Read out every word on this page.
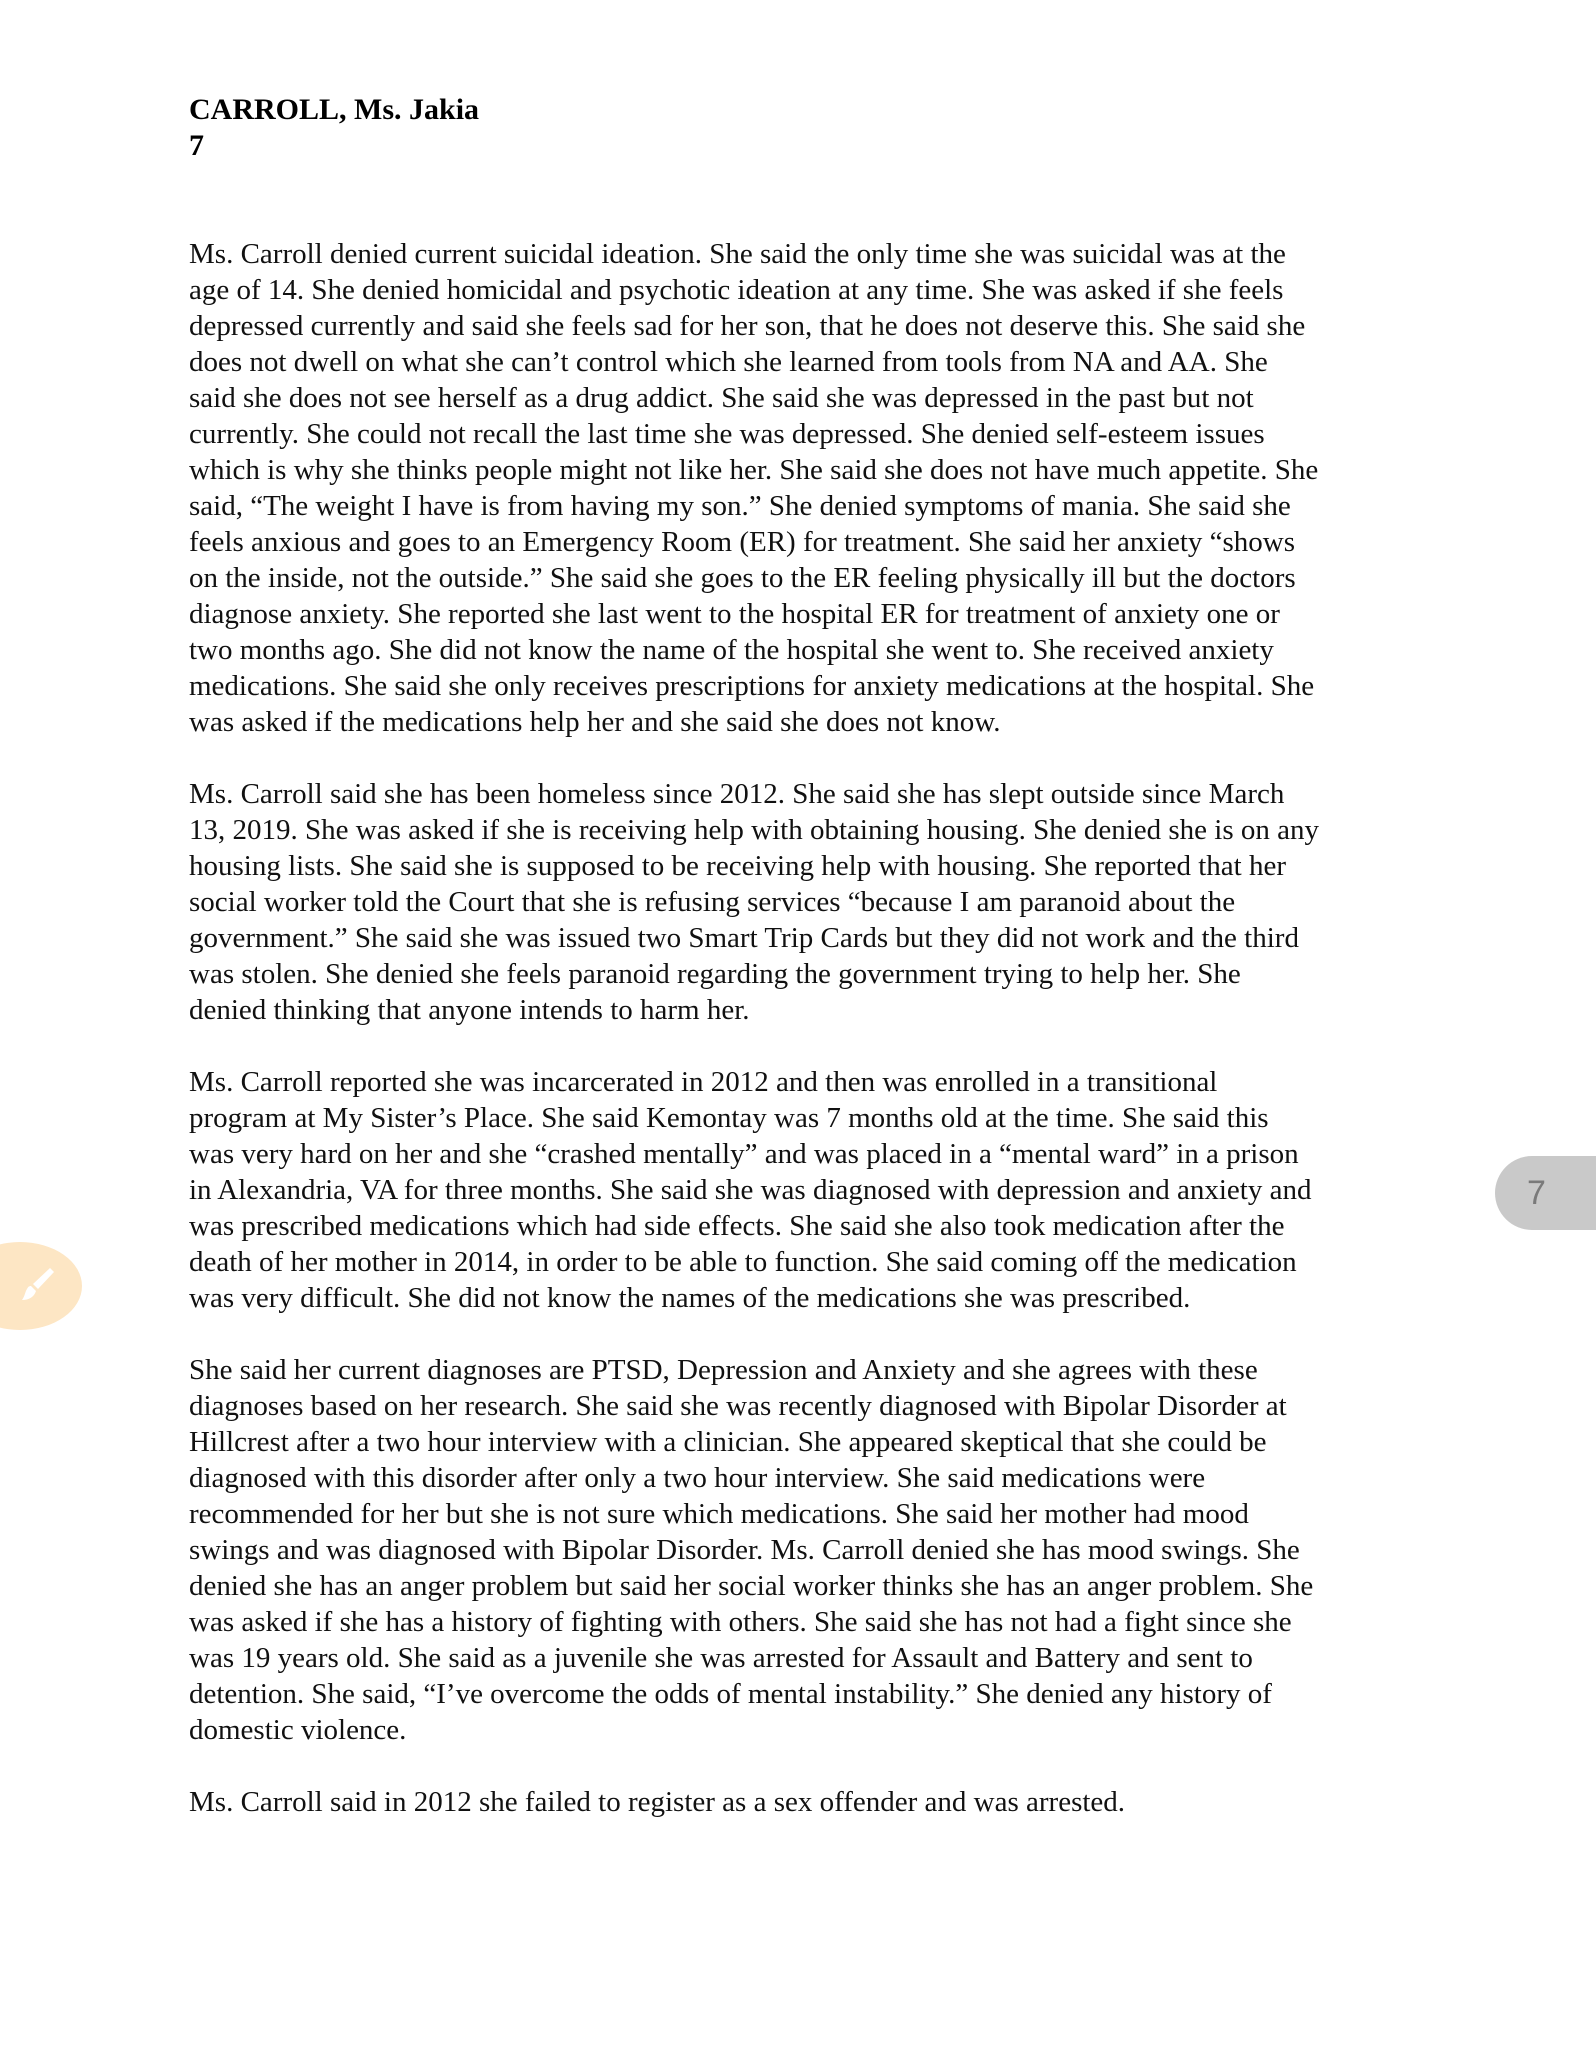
CARROLL, Ms. Jakia
7

Ms. Carroll denied current suicidal ideation. She said the only time she was suicidal was at the
age of 14. She denied homicidal and psychotic ideation at any time. She was asked if she feels
depressed currently and said she feels sad for her son, that he does not deserve this. She said she
does not dwell on what she can’t control which she learned from tools from NA and AA. She
said she does not see herself as a drug addict. She said she was depressed in the past but not
currently. She could not recall the last time she was depressed. She denied self-esteem issues
which is why she thinks people might not like her. She said she does not have much appetite. She
said, “The weight I have is from having my son.” She denied symptoms of mania. She said she
feels anxious and goes to an Emergency Room (ER) for treatment. She said her anxiety “shows
on the inside, not the outside.” She said she goes to the ER feeling physically ill but the doctors
diagnose anxiety. She reported she last went to the hospital ER for treatment of anxiety one or
two months ago. She did not know the name of the hospital she went to. She received anxiety
medications. She said she only receives prescriptions for anxiety medications at the hospital. She
was asked if the medications help her and she said she does not know.

Ms. Carroll said she has been homeless since 2012. She said she has slept outside since March
13, 2019. She was asked if she is receiving help with obtaining housing. She denied she is on any
housing lists. She said she is supposed to be receiving help with housing. She reported that her
social worker told the Court that she is refusing services “because I am paranoid about the
government.” She said she was issued two Smart Trip Cards but they did not work and the third
was stolen. She denied she feels paranoid regarding the government trying to help her. She
denied thinking that anyone intends to harm her.

Ms. Carroll reported she was incarcerated in 2012 and then was enrolled in a transitional
program at My Sister’s Place. She said Kemontay was 7 months old at the time. She said this
was very hard on her and she “crashed mentally” and was placed in a “mental ward” in a prison
in Alexandria, VA for three months. She said she was diagnosed with depression and anxiety and
was prescribed medications which had side effects. She said she also took medication after the
death of her mother in 2014, in order to be able to function. She said coming off the medication
was very difficult. She did not know the names of the medications she was prescribed.

She said her current diagnoses are PTSD, Depression and Anxiety and she agrees with these
diagnoses based on her research. She said she was recently diagnosed with Bipolar Disorder at
Hillcrest after a two hour interview with a clinician. She appeared skeptical that she could be
diagnosed with this disorder after only a two hour interview. She said medications were
recommended for her but she is not sure which medications. She said her mother had mood
swings and was diagnosed with Bipolar Disorder. Ms. Carroll denied she has mood swings. She
denied she has an anger problem but said her social worker thinks she has an anger problem. She
was asked if she has a history of fighting with others. She said she has not had a fight since she
was 19 years old. She said as a juvenile she was arrested for Assault and Battery and sent to
detention. She said, “I’ve overcome the odds of mental instability.” She denied any history of
domestic violence.

Ms. Carroll said in 2012 she failed to register as a sex offender and was arrested.

7
